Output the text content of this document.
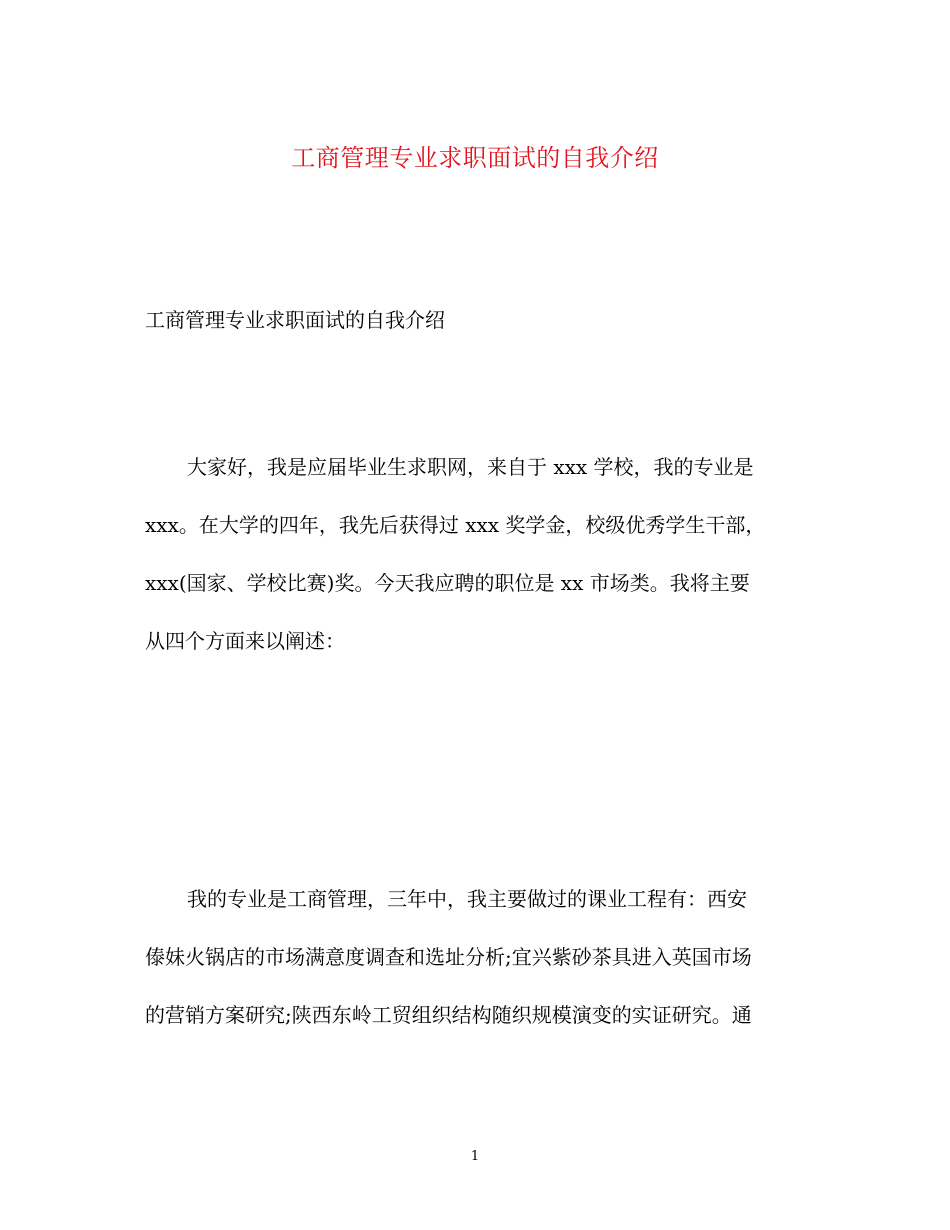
工商管理专业求职面试的自我介绍
工商管理专业求职面试的自我介绍
大家好，我是应届毕业生求职网，来自于 xxx 学校，我的专业是
xxx。在大学的四年，我先后获得过 xxx 奖学金，校级优秀学生干部，
xxx(国家、学校比赛)奖。今天我应聘的职位是 xx 市场类。我将主要
从四个方面来以阐述：
我的专业是工商管理，三年中，我主要做过的课业工程有：西安
傣妹火锅店的市场满意度调查和选址分析;宜兴紫砂茶具进入英国市场
的营销方案研究;陕西东岭工贸组织结构随织规模演变的实证研究。通
1
